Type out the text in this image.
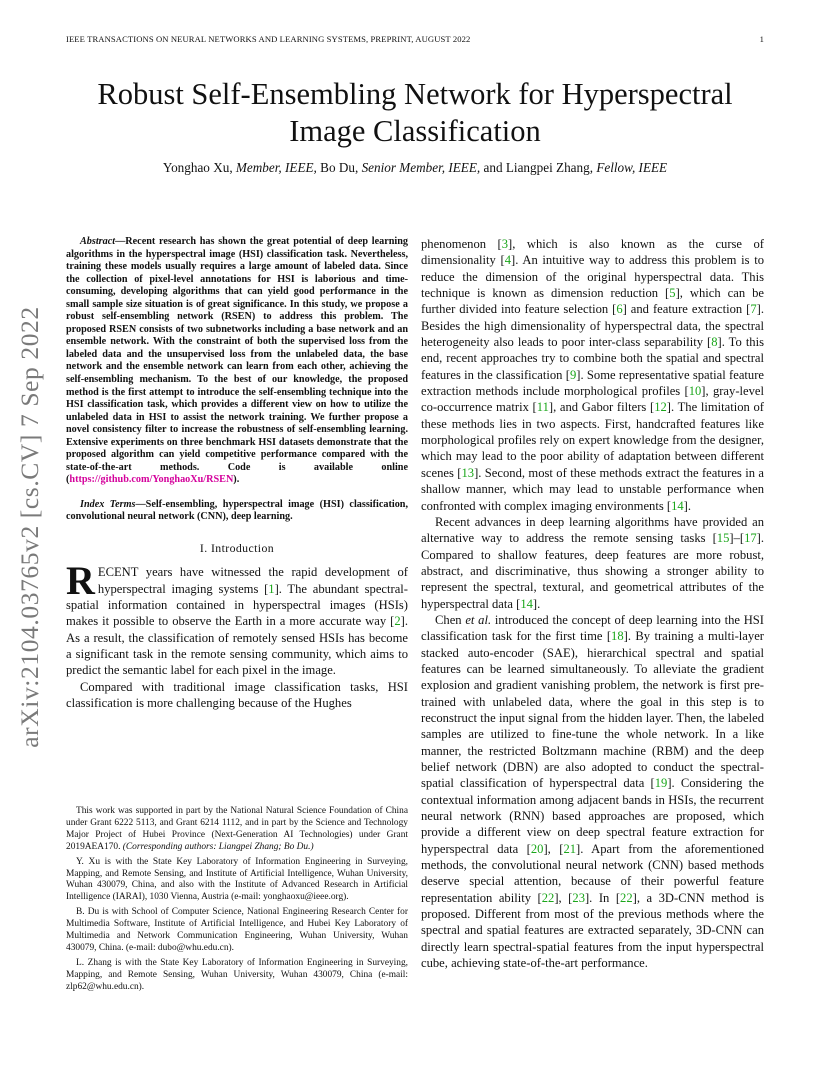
IEEE TRANSACTIONS ON NEURAL NETWORKS AND LEARNING SYSTEMS, PREPRINT, AUGUST 2022	1
arXiv:2104.03765v2 [cs.CV] 7 Sep 2022
Robust Self-Ensembling Network for Hyperspectral
Image Classification
Yonghao Xu, Member, IEEE, Bo Du, Senior Member, IEEE, and Liangpei Zhang, Fellow, IEEE

Abstract—Recent research has shown the great potential of deep learning algorithms in the hyperspectral image (HSI) classification task. Nevertheless, training these models usually requires a large amount of labeled data. Since the collection of pixel-level annotations for HSI is laborious and time-consuming, developing algorithms that can yield good performance in the small sample size situation is of great significance. In this study, we propose a robust self-ensembling network (RSEN) to address this problem. The proposed RSEN consists of two subnetworks including a base network and an ensemble network. With the constraint of both the supervised loss from the labeled data and the unsupervised loss from the unlabeled data, the base network and the ensemble network can learn from each other, achieving the self-ensembling mechanism. To the best of our knowledge, the proposed method is the first attempt to introduce the self-ensembling technique into the HSI classification task, which provides a different view on how to utilize the unlabeled data in HSI to assist the network training. We further propose a novel consistency filter to increase the robustness of self-ensembling learning. Extensive experiments on three benchmark HSI datasets demonstrate that the proposed algorithm can yield competitive performance compared with the state-of-the-art methods. Code is available online (https://github.com/YonghaoXu/RSEN).

Index Terms—Self-ensembling, hyperspectral image (HSI) classification, convolutional neural network (CNN), deep learning.

I. Introduction

RECENT years have witnessed the rapid development of hyperspectral imaging systems [1]. The abundant spectral-spatial information contained in hyperspectral images (HSIs) makes it possible to observe the Earth in a more accurate way [2]. As a result, the classification of remotely sensed HSIs has become a significant task in the remote sensing community, which aims to predict the semantic label for each pixel in the image.

Compared with traditional image classification tasks, HSI classification is more challenging because of the Hughes

This work was supported in part by the National Natural Science Foundation of China under Grant 6222 5113, and Grant 6214 1112, and in part by the Science and Technology Major Project of Hubei Province (Next-Generation AI Technologies) under Grant 2019AEA170. (Corresponding authors: Liangpei Zhang; Bo Du.)

Y. Xu is with the State Key Laboratory of Information Engineering in Surveying, Mapping, and Remote Sensing, and Institute of Artificial Intelligence, Wuhan University, Wuhan 430079, China, and also with the Institute of Advanced Research in Artificial Intelligence (IARAI), 1030 Vienna, Austria (e-mail: yonghaoxu@ieee.org).

B. Du is with School of Computer Science, National Engineering Research Center for Multimedia Software, Institute of Artificial Intelligence, and Hubei Key Laboratory of Multimedia and Network Communication Engineering, Wuhan University, Wuhan 430079, China. (e-mail: dubo@whu.edu.cn).

L. Zhang is with the State Key Laboratory of Information Engineering in Surveying, Mapping, and Remote Sensing, Wuhan University, Wuhan 430079, China (e-mail: zlp62@whu.edu.cn).

phenomenon [3], which is also known as the curse of dimensionality [4]. An intuitive way to address this problem is to reduce the dimension of the original hyperspectral data. This technique is known as dimension reduction [5], which can be further divided into feature selection [6] and feature extraction [7]. Besides the high dimensionality of hyperspectral data, the spectral heterogeneity also leads to poor inter-class separability [8]. To this end, recent approaches try to combine both the spatial and spectral features in the classification [9]. Some representative spatial feature extraction methods include morphological profiles [10], gray-level co-occurrence matrix [11], and Gabor filters [12]. The limitation of these methods lies in two aspects. First, handcrafted features like morphological profiles rely on expert knowledge from the designer, which may lead to the poor ability of adaptation between different scenes [13]. Second, most of these methods extract the features in a shallow manner, which may lead to unstable performance when confronted with complex imaging environments [14].

Recent advances in deep learning algorithms have provided an alternative way to address the remote sensing tasks [15]–[17]. Compared to shallow features, deep features are more robust, abstract, and discriminative, thus showing a stronger ability to represent the spectral, textural, and geometrical attributes of the hyperspectral data [14].

Chen et al. introduced the concept of deep learning into the HSI classification task for the first time [18]. By training a multi-layer stacked auto-encoder (SAE), hierarchical spectral and spatial features can be learned simultaneously. To alleviate the gradient explosion and gradient vanishing problem, the network is first pre-trained with unlabeled data, where the goal in this step is to reconstruct the input signal from the hidden layer. Then, the labeled samples are utilized to fine-tune the whole network. In a like manner, the restricted Boltzmann machine (RBM) and the deep belief network (DBN) are also adopted to conduct the spectral-spatial classification of hyperspectral data [19]. Considering the contextual information among adjacent bands in HSIs, the recurrent neural network (RNN) based approaches are proposed, which provide a different view on deep spectral feature extraction for hyperspectral data [20], [21]. Apart from the aforementioned methods, the convolutional neural network (CNN) based methods deserve special attention, because of their powerful feature representation ability [22], [23]. In [22], a 3D-CNN method is proposed. Different from most of the previous methods where the spectral and spatial features are extracted separately, 3D-CNN can directly learn spectral-spatial features from the input hyperspectral cube, achieving state-of-the-art performance.
